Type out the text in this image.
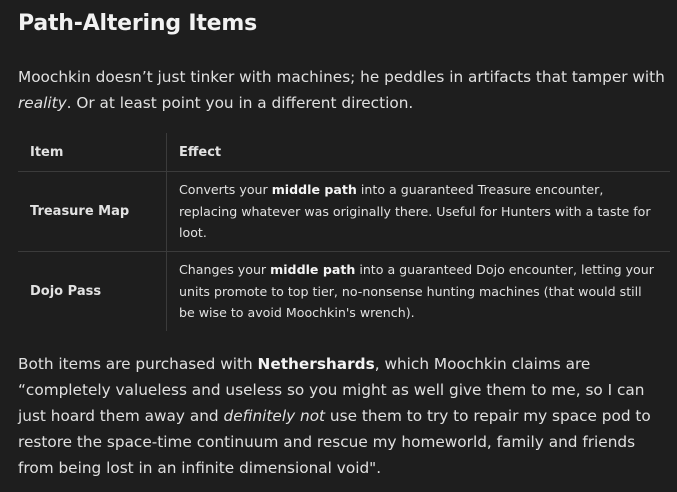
Path-Altering Items

Moochkin doesn’t just tinker with machines; he peddles in artifacts that tamper with reality. Or at least point you in a different direction.

Item	Effect
Treasure Map	Converts your middle path into a guaranteed Treasure encounter, replacing whatever was originally there. Useful for Hunters with a taste for loot.
Dojo Pass	Changes your middle path into a guaranteed Dojo encounter, letting your units promote to top tier, no-nonsense hunting machines (that would still be wise to avoid Moochkin's wrench).

Both items are purchased with Nethershards, which Moochkin claims are “completely valueless and useless so you might as well give them to me, so I can just hoard them away and definitely not use them to try to repair my space pod to restore the space-time continuum and rescue my homeworld, family and friends from being lost in an infinite dimensional void".
